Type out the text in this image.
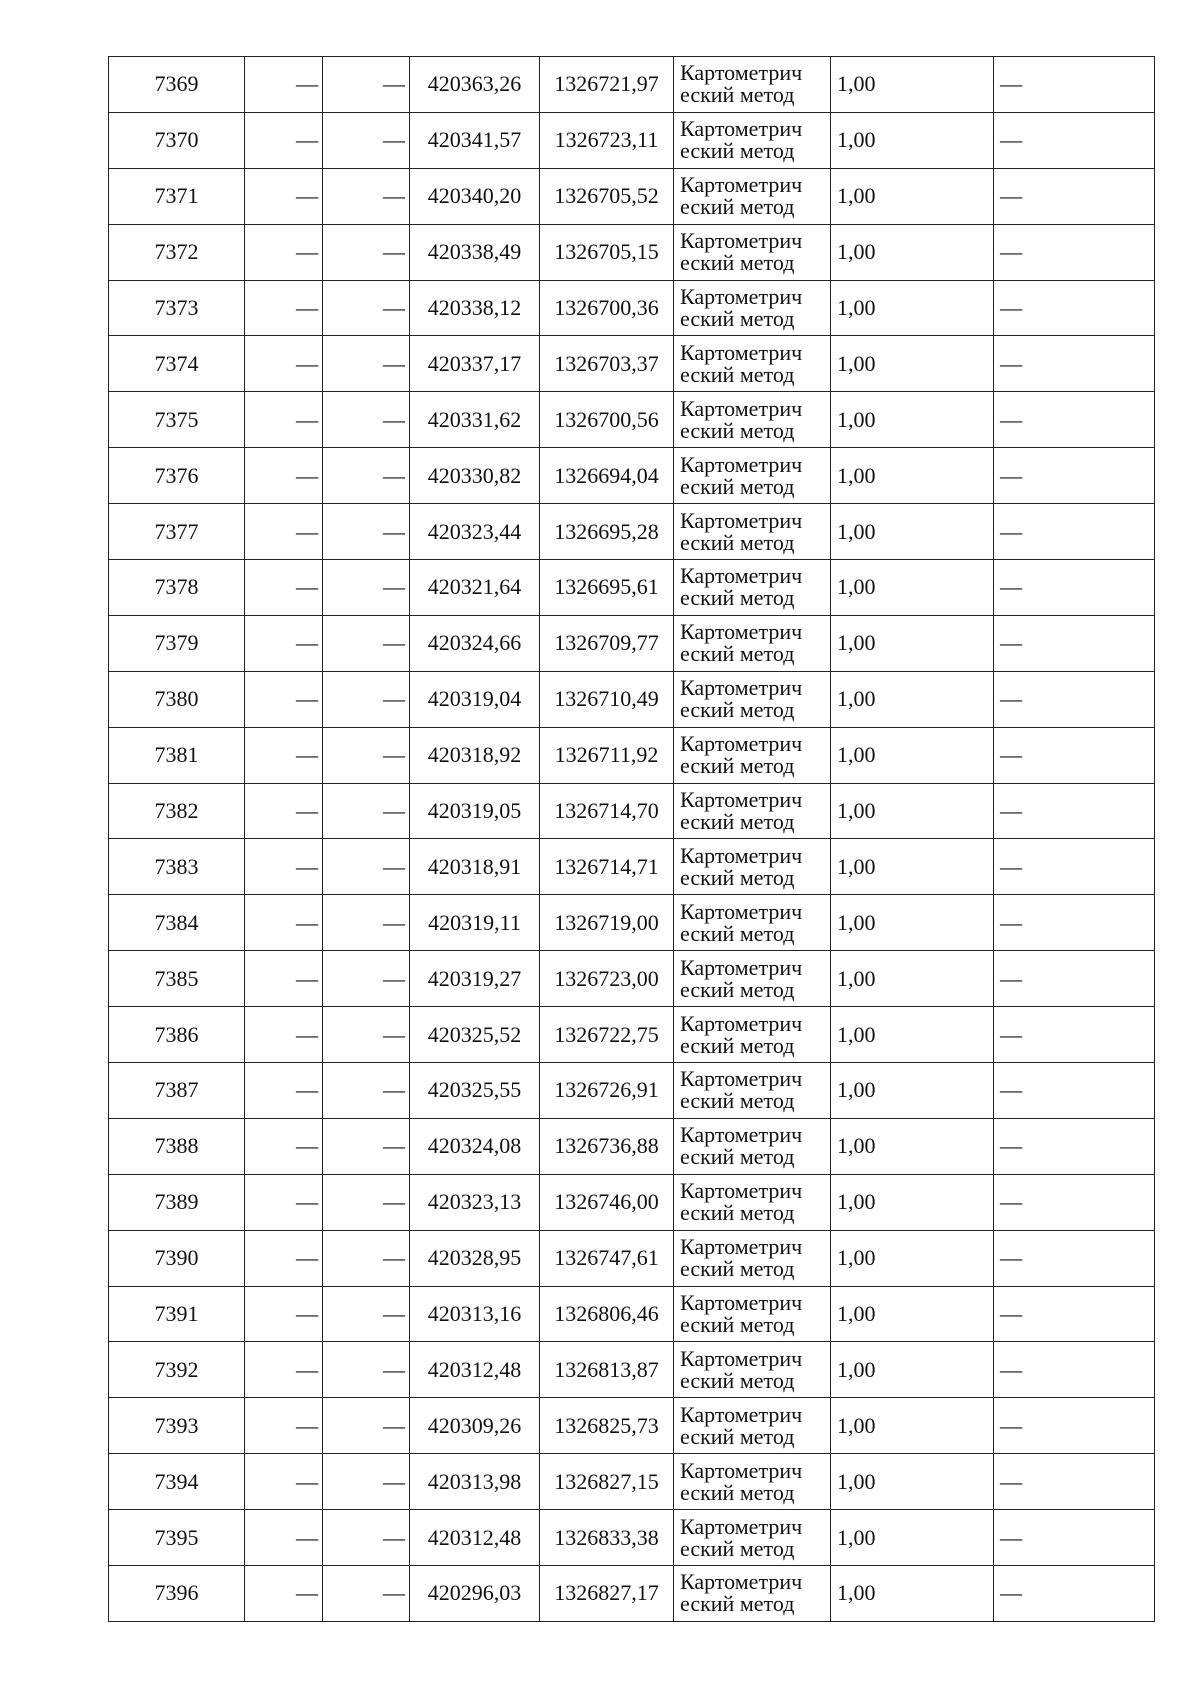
7369	—	—	420363,26	1326721,97	Картометрич
еский метод	1,00	—
7370	—	—	420341,57	1326723,11	Картометрич
еский метод	1,00	—
7371	—	—	420340,20	1326705,52	Картометрич
еский метод	1,00	—
7372	—	—	420338,49	1326705,15	Картометрич
еский метод	1,00	—
7373	—	—	420338,12	1326700,36	Картометрич
еский метод	1,00	—
7374	—	—	420337,17	1326703,37	Картометрич
еский метод	1,00	—
7375	—	—	420331,62	1326700,56	Картометрич
еский метод	1,00	—
7376	—	—	420330,82	1326694,04	Картометрич
еский метод	1,00	—
7377	—	—	420323,44	1326695,28	Картометрич
еский метод	1,00	—
7378	—	—	420321,64	1326695,61	Картометрич
еский метод	1,00	—
7379	—	—	420324,66	1326709,77	Картометрич
еский метод	1,00	—
7380	—	—	420319,04	1326710,49	Картометрич
еский метод	1,00	—
7381	—	—	420318,92	1326711,92	Картометрич
еский метод	1,00	—
7382	—	—	420319,05	1326714,70	Картометрич
еский метод	1,00	—
7383	—	—	420318,91	1326714,71	Картометрич
еский метод	1,00	—
7384	—	—	420319,11	1326719,00	Картометрич
еский метод	1,00	—
7385	—	—	420319,27	1326723,00	Картометрич
еский метод	1,00	—
7386	—	—	420325,52	1326722,75	Картометрич
еский метод	1,00	—
7387	—	—	420325,55	1326726,91	Картометрич
еский метод	1,00	—
7388	—	—	420324,08	1326736,88	Картометрич
еский метод	1,00	—
7389	—	—	420323,13	1326746,00	Картометрич
еский метод	1,00	—
7390	—	—	420328,95	1326747,61	Картометрич
еский метод	1,00	—
7391	—	—	420313,16	1326806,46	Картометрич
еский метод	1,00	—
7392	—	—	420312,48	1326813,87	Картометрич
еский метод	1,00	—
7393	—	—	420309,26	1326825,73	Картометрич
еский метод	1,00	—
7394	—	—	420313,98	1326827,15	Картометрич
еский метод	1,00	—
7395	—	—	420312,48	1326833,38	Картометрич
еский метод	1,00	—
7396	—	—	420296,03	1326827,17	Картометрич
еский метод	1,00	—
